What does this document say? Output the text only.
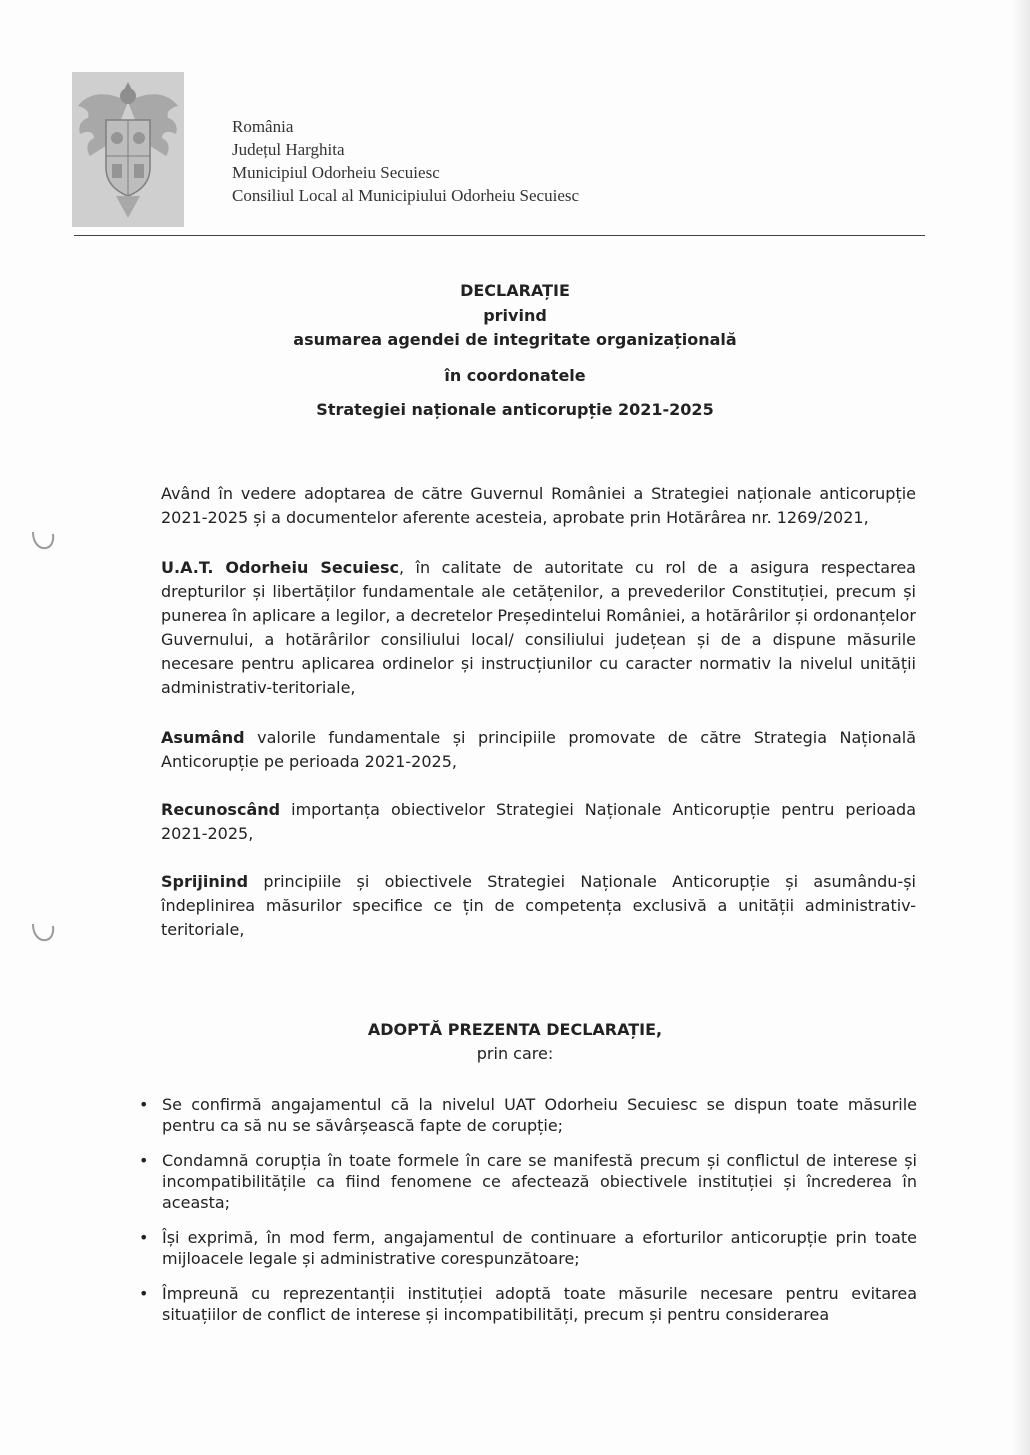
România
Județul Harghita
Municipiul Odorheiu Secuiesc
Consiliul Local al Municipiului Odorheiu Secuiesc
DECLARAȚIE
privind
asumarea agendei de integritate organizațională
în coordonatele
Strategiei naționale anticorupție 2021-2025
Având în vedere adoptarea de către Guvernul României a Strategiei naționale anticorupție 2021-2025 și a documentelor aferente acesteia, aprobate prin Hotărârea nr. 1269/2021,
U.A.T. Odorheiu Secuiesc, în calitate de autoritate cu rol de a asigura respectarea drepturilor și libertăților fundamentale ale cetățenilor, a prevederilor Constituției, precum și punerea în aplicare a legilor, a decretelor Președintelui României, a hotărârilor și ordonanțelor Guvernului, a hotărârilor consiliului local/ consiliului județean și de a dispune măsurile necesare pentru aplicarea ordinelor și instrucțiunilor cu caracter normativ la nivelul unității administrativ-teritoriale,
Asumând valorile fundamentale și principiile promovate de către Strategia Națională Anticorupție pe perioada 2021-2025,
Recunoscând importanța obiectivelor Strategiei Naționale Anticorupție pentru perioada 2021-2025,
Sprijinind principiile și obiectivele Strategiei Naționale Anticorupție și asumându-și îndeplinirea măsurilor specifice ce țin de competența exclusivă a unității administrativ-teritoriale,
ADOPTĂ PREZENTA DECLARAȚIE,
prin care:
• Se confirmă angajamentul că la nivelul UAT Odorheiu Secuiesc se dispun toate măsurile pentru ca să nu se săvârșească fapte de corupție;
• Condamnă corupția în toate formele în care se manifestă precum și conflictul de interese și incompatibilitățile ca fiind fenomene ce afectează obiectivele instituției și încrederea în aceasta;
• Își exprimă, în mod ferm, angajamentul de continuare a eforturilor anticorupție prin toate mijloacele legale și administrative corespunzătoare;
• Împreună cu reprezentanții instituției adoptă toate măsurile necesare pentru evitarea situațiilor de conflict de interese și incompatibilități, precum și pentru considerarea
